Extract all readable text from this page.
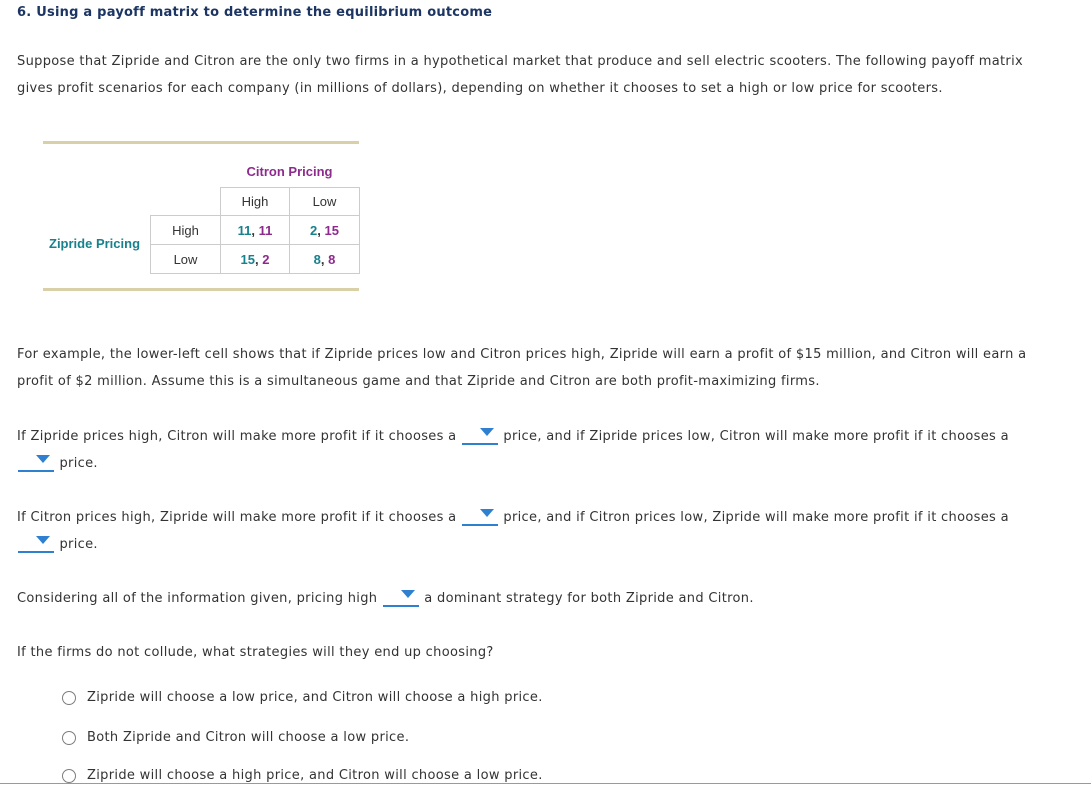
6. Using a payoff matrix to determine the equilibrium outcome

Suppose that Zipride and Citron are the only two firms in a hypothetical market that produce and sell electric scooters. The following payoff matrix gives profit scenarios for each company (in millions of dollars), depending on whether it chooses to set a high or low price for scooters.

Citron Pricing
Zipride Pricing
	High	Low
High	11, 11	2, 15
Low	15, 2	8, 8

For example, the lower-left cell shows that if Zipride prices low and Citron prices high, Zipride will earn a profit of $15 million, and Citron will earn a profit of $2 million. Assume this is a simultaneous game and that Zipride and Citron are both profit-maximizing firms.

If Zipride prices high, Citron will make more profit if it chooses a	price, and if Zipride prices low, Citron will make more profit if it chooses a
price.
If Citron prices high, Zipride will make more profit if it chooses a	price, and if Citron prices low, Zipride will make more profit if it chooses a
price.
Considering all of the information given, pricing high	a dominant strategy for both Zipride and Citron.

If the firms do not collude, what strategies will they end up choosing?

Zipride will choose a low price, and Citron will choose a high price.
Both Zipride and Citron will choose a low price.
Zipride will choose a high price, and Citron will choose a low price.
